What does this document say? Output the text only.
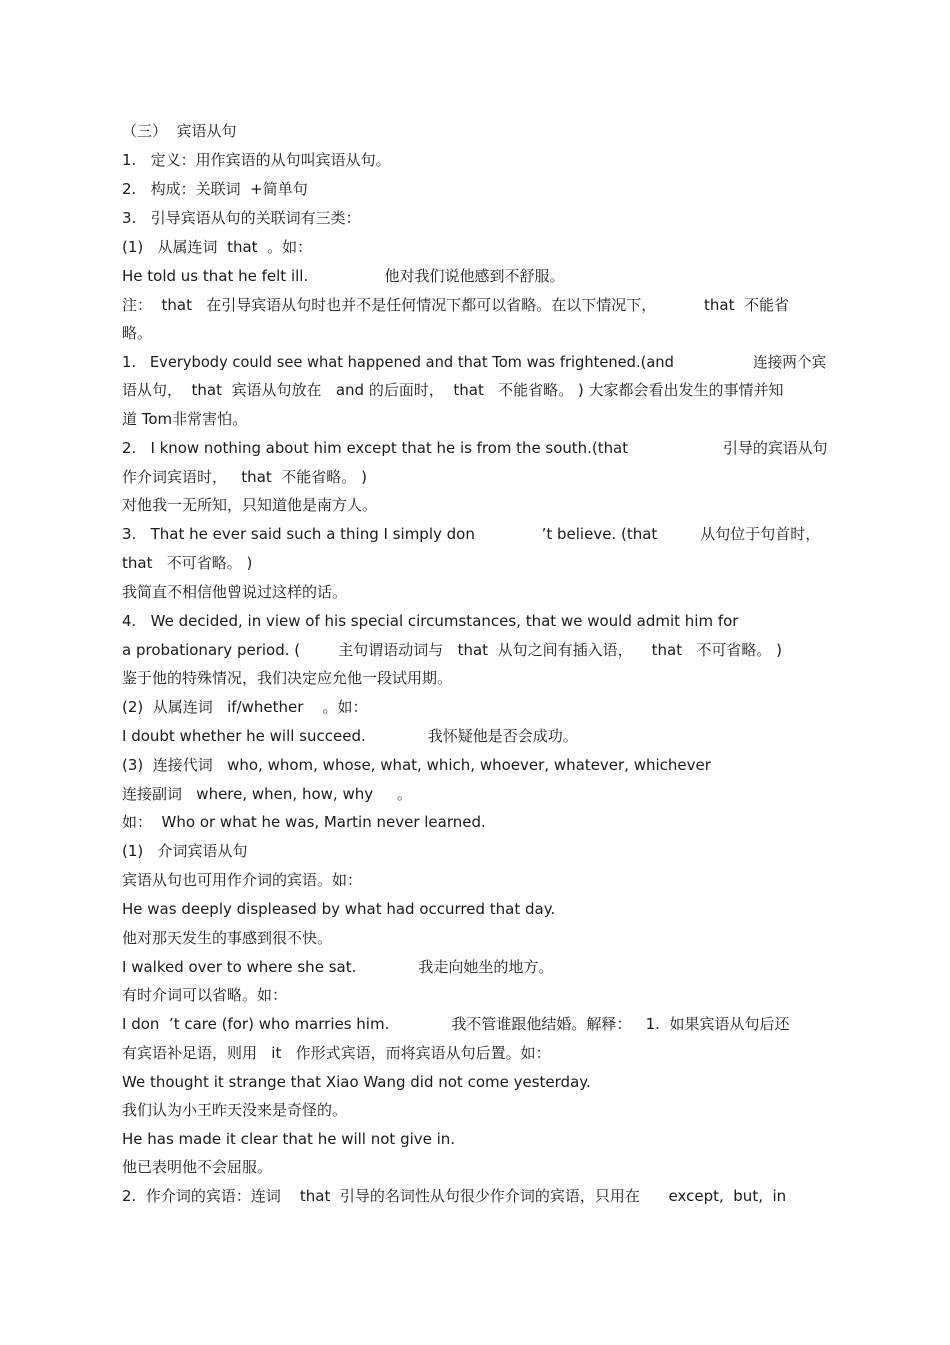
（三）  宾语从句
1.   定义：用作宾语的从句叫宾语从句。
2.   构成：关联词  +简单句
3.   引导宾语从句的关联词有三类：
(1)   从属连词  that  。如：
He told us that he felt ill.                他对我们说他感到不舒服。
注：  that   在引导宾语从句时也并不是任何情况下都可以省略。在以下情况下，          that  不能省
略。
1.   Everybody could see what happened and that Tom was frightened.(and                 连接两个宾
语从句，  that  宾语从句放在   and 的后面时，  that   不能省略。 ) 大家都会看出发生的事情并知
道 Tom非常害怕。
2.   I know nothing about him except that he is from the south.(that                    引导的宾语从句
作介词宾语时，   that  不能省略。 )
对他我一无所知，只知道他是南方人。
3.   That he ever said such a thing I simply don              ’t believe. (that         从句位于句首时，
that   不可省略。 )
我简直不相信他曾说过这样的话。
4.   We decided, in view of his special circumstances, that we would admit him for
a probationary period. (        主句谓语动词与   that  从句之间有插入语，    that   不可省略。 )
鉴于他的特殊情况，我们决定应允他一段试用期。
(2)  从属连词   if/whether    。如：
I doubt whether he will succeed.             我怀疑他是否会成功。
(3)  连接代词   who, whom, whose, what, which, whoever, whatever, whichever
连接副词   where, when, how, why     。
如：  Who or what he was, Martin never learned.
(1)   介词宾语从句
宾语从句也可用作介词的宾语。如：
He was deeply displeased by what had occurred that day.
他对那天发生的事感到很不快。
I walked over to where she sat.             我走向她坐的地方。
有时介词可以省略。如：
I don  ’t care (for) who marries him.             我不管谁跟他结婚。解释：   1.  如果宾语从句后还
有宾语补足语，则用   it   作形式宾语，而将宾语从句后置。如：
We thought it strange that Xiao Wang did not come yesterday.
我们认为小王昨天没来是奇怪的。
He has made it clear that he will not give in.
他已表明他不会屈服。
2.  作介词的宾语：连词    that  引导的名词性从句很少作介词的宾语，只用在      except,  but,  in
